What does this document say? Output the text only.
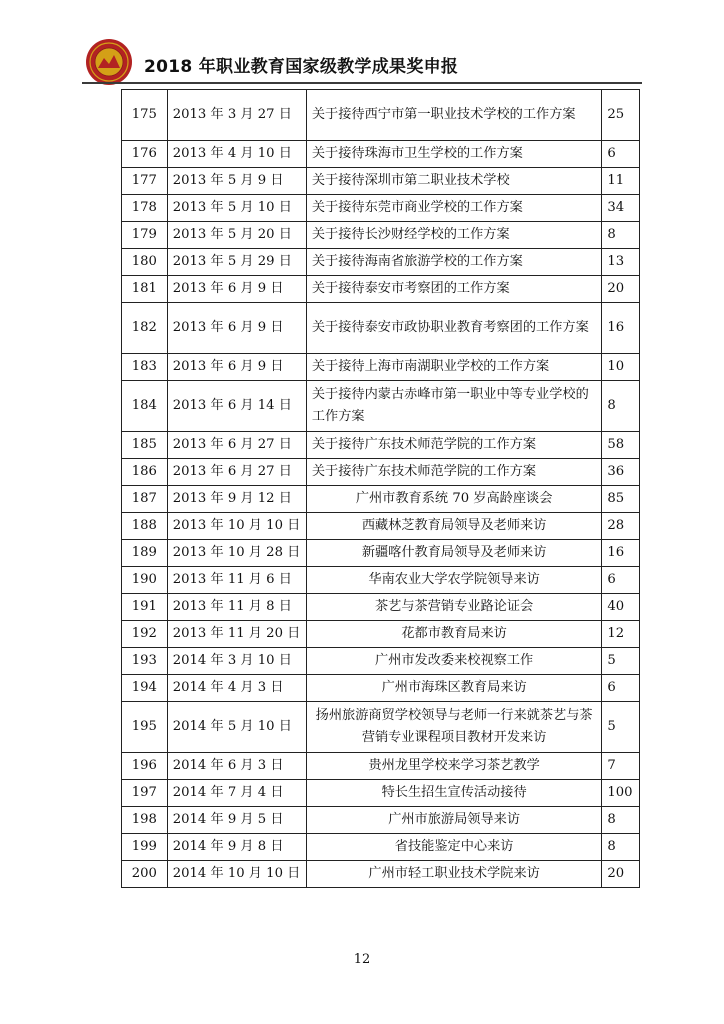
2018 年职业教育国家级教学成果奖申报
175	2013 年 3 月 27 日	关于接待西宁市第一职业技术学校的工作方案	25
176	2013 年 4 月 10 日	关于接待珠海市卫生学校的工作方案	6
177	2013 年 5 月 9 日	关于接待深圳市第二职业技术学校	11
178	2013 年 5 月 10 日	关于接待东莞市商业学校的工作方案	34
179	2013 年 5 月 20 日	关于接待长沙财经学校的工作方案	8
180	2013 年 5 月 29 日	关于接待海南省旅游学校的工作方案	13
181	2013 年 6 月 9 日	关于接待泰安市考察团的工作方案	20
182	2013 年 6 月 9 日	关于接待泰安市政协职业教育考察团的工作方案	16
183	2013 年 6 月 9 日	关于接待上海市南湖职业学校的工作方案	10
184	2013 年 6 月 14 日	关于接待内蒙古赤峰市第一职业中等专业学校的工作方案	8
185	2013 年 6 月 27 日	关于接待广东技术师范学院的工作方案	58
186	2013 年 6 月 27 日	关于接待广东技术师范学院的工作方案	36
187	2013 年 9 月 12 日	广州市教育系统 70 岁高龄座谈会	85
188	2013 年 10 月 10 日	西藏林芝教育局领导及老师来访	28
189	2013 年 10 月 28 日	新疆喀什教育局领导及老师来访	16
190	2013 年 11 月 6 日	华南农业大学农学院领导来访	6
191	2013 年 11 月 8 日	茶艺与茶营销专业路论证会	40
192	2013 年 11 月 20 日	花都市教育局来访	12
193	2014 年 3 月 10 日	广州市发改委来校视察工作	5
194	2014 年 4 月 3 日	广州市海珠区教育局来访	6
195	2014 年 5 月 10 日	扬州旅游商贸学校领导与老师一行来就茶艺与茶营销专业课程项目教材开发来访	5
196	2014 年 6 月 3 日	贵州龙里学校来学习茶艺教学	7
197	2014 年 7 月 4 日	特长生招生宣传活动接待	100
198	2014 年 9 月 5 日	广州市旅游局领导来访	8
199	2014 年 9 月 8 日	省技能鉴定中心来访	8
200	2014 年 10 月 10 日	广州市轻工职业技术学院来访	20
12
